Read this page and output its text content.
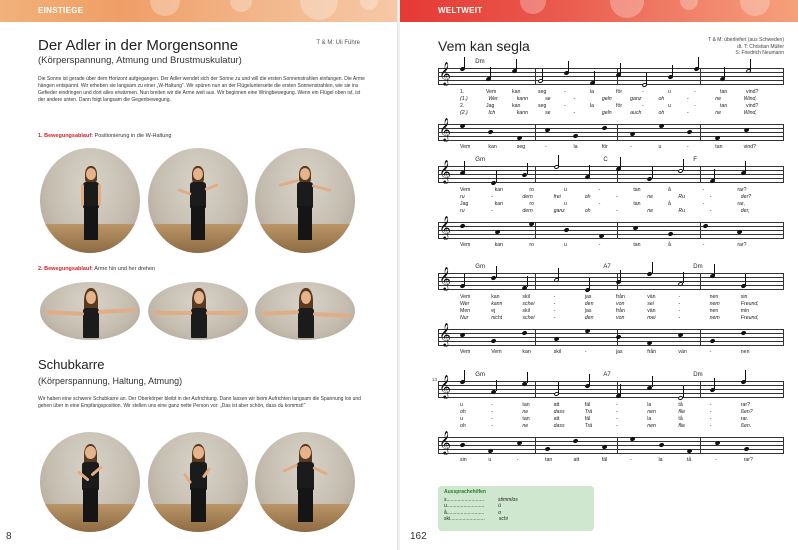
EINSTIEGE
T & M: Uli Führe
Der Adler in der Morgensonne
(Körperspannung, Atmung und Brustmuskulatur)
Die Sonne ist gerade über dem Horizont aufgegangen. Der Adler wendet sich der Sonne zu und will die ersten Sonnenstrahlen einfangen. Die Arme hängen entspannt. Wir erheben sie langsam zu einer „W-Haltung“. Wir spüren nun an der Flügelunterseite die ersten Sonnenstrahlen, wie sie ins Gefieder eindringen und dort alles erwärmen. Nun breiten wir die Arme weit aus. Wir beginnen eine Wringbewegung. Wenn ein Flügel oben ist, ist der andere unten. Dann folgt langsam die Gegenbewegung.
1. Bewegungsablauf: Positionierung in die W-Haltung
2. Bewegungsablauf: Arme hin und her drehen
Schubkarre
(Körperspannung, Haltung, Atmung)
Wir haben eine schwere Schubkarre an. Der Oberkörper bleibt in der Aufrichtung. Dann lassen wir beim Aufrichten langsam die Spannung los und gehen über in eine Empfangsposition. Wir stellen uns eine ganz nette Person vor: „Das ist aber schön, dass du kommst!“
8
WELTWEIT
Vem kan segla	T & M: überliefert (aus Schweden)
dt. T: Christian Müller
S: Friedrich Neumann
𝄞	Dm
1.	Vem	kan	seg	-	la	för	-	u	-	tan	vind?
(1.)	Wer	kann	se	-	geln	ganz	oh	-	ne	Wind,
2.	Jag	kan	seg	-	la	för	-	u	-	tan	vind?
(2.)	Ich	kann	se	-	geln	auch	oh	-	ne	Wind,
𝄞
Vem	kan	seg	-	la	för	-	u	-	tan	vind?
𝄞	Gm	C	F
Vem	kan	ro	u	-	tan	å	-	rar?
ru	-	dern	frei	oh	-	ne	Ru	-	der?
Jag	kan	ro	u	-	tan	å	-	rar,
ru	-	dern	ganz	oh	-	ne	Ru	-	der,
𝄞
Vem	kan	ro	u	-	tan	å	-	rar?
𝄞	Gm	A7	Dm
Vem	kan	skil	-	jas	från	vän	-	nen	sin
Wer	kann	schei	-	den	von	sei	-	nem	Freund,
Men	ej	skil	-	jas	från	vän	-	nen	min
Nur	nicht	schei	-	den	von	mei	-	nem	Freund,
𝄞
Vem	Vem	kan	skil	-	jas	från	vän	-	nen
𝄞	Gm	A7	Dm
13
u	-	tan	att	fäl	-	la	tå	-	rar?
oh	-	ne	dass	Trä	-	nen	flie	-	ßen?
u	-	tan	att	fäl	-	la	tå	-	rar.
oh	-	ne	dass	Trä	-	nen	flie	-	ßen.
𝄞
sin	u	-	tan	att	fäl	-	la	tå	-	rar?
Aussprachehilfen
s...........................	stimmlos
u...........................	ü
å...........................	o
ski.........................	schi
162
